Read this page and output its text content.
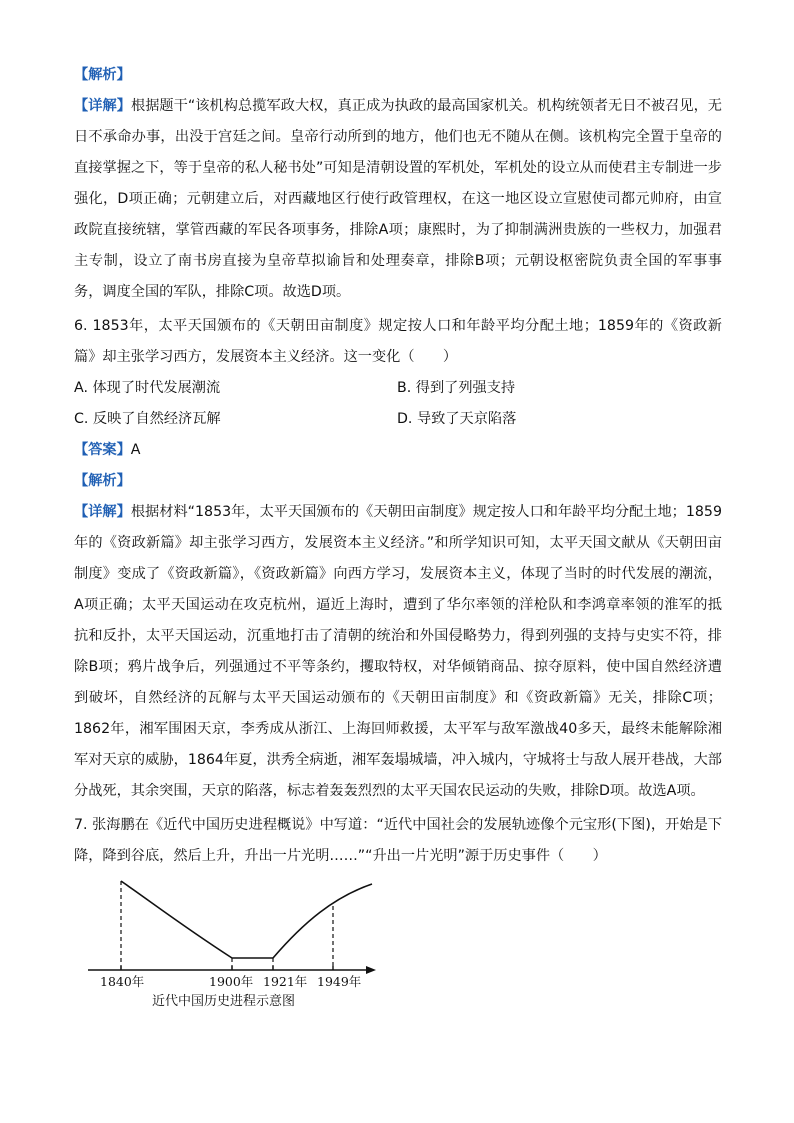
【解析】

【详解】根据题干“该机构总揽军政大权，真正成为执政的最高国家机关。机构统领者无日不被召见，无日不承命办事，出没于宫廷之间。皇帝行动所到的地方，他们也无不随从在侧。该机构完全置于皇帝的直接掌握之下，等于皇帝的私人秘书处”可知是清朝设置的军机处，军机处的设立从而使君主专制进一步强化，D项正确；元朝建立后，对西藏地区行使行政管理权，在这一地区设立宣慰使司都元帅府，由宣政院直接统辖，掌管西藏的军民各项事务，排除A项；康熙时，为了抑制满洲贵族的一些权力，加强君主专制，设立了南书房直接为皇帝草拟谕旨和处理奏章，排除B项；元朝设枢密院负责全国的军事事务，调度全国的军队，排除C项。故选D项。

6. 1853年，太平天国颁布的《天朝田亩制度》规定按人口和年龄平均分配土地；1859年的《资政新篇》却主张学习西方，发展资本主义经济。这一变化（　　）

A. 体现了时代发展潮流	B. 得到了列强支持
C. 反映了自然经济瓦解	D. 导致了天京陷落

【答案】A

【解析】

【详解】根据材料“1853年，太平天国颁布的《天朝田亩制度》规定按人口和年龄平均分配土地；1859年的《资政新篇》却主张学习西方，发展资本主义经济。”和所学知识可知，太平天国文献从《天朝田亩制度》变成了《资政新篇》，《资政新篇》向西方学习，发展资本主义，体现了当时的时代发展的潮流，A项正确；太平天国运动在攻克杭州，逼近上海时，遭到了华尔率领的洋枪队和李鸿章率领的淮军的抵抗和反扑，太平天国运动，沉重地打击了清朝的统治和外国侵略势力，得到列强的支持与史实不符，排除B项；鸦片战争后，列强通过不平等条约，攫取特权，对华倾销商品、掠夺原料，使中国自然经济遭到破坏，自然经济的瓦解与太平天国运动颁布的《天朝田亩制度》和《资政新篇》无关，排除C项；1862年，湘军围困天京，李秀成从浙江、上海回师救援，太平军与敌军激战40多天，最终未能解除湘军对天京的威胁，1864年夏，洪秀全病逝，湘军轰塌城墙，冲入城内，守城将士与敌人展开巷战，大部分战死，其余突围，天京的陷落，标志着轰轰烈烈的太平天国农民运动的失败，排除D项。故选A项。

7. 张海鹏在《近代中国历史进程概说》中写道：“近代中国社会的发展轨迹像个元宝形(下图)，开始是下降，降到谷底，然后上升，升出一片光明……”“升出一片光明”源于历史事件（　　）

1840年	1900年 1921年 1949年
近代中国历史进程示意图
